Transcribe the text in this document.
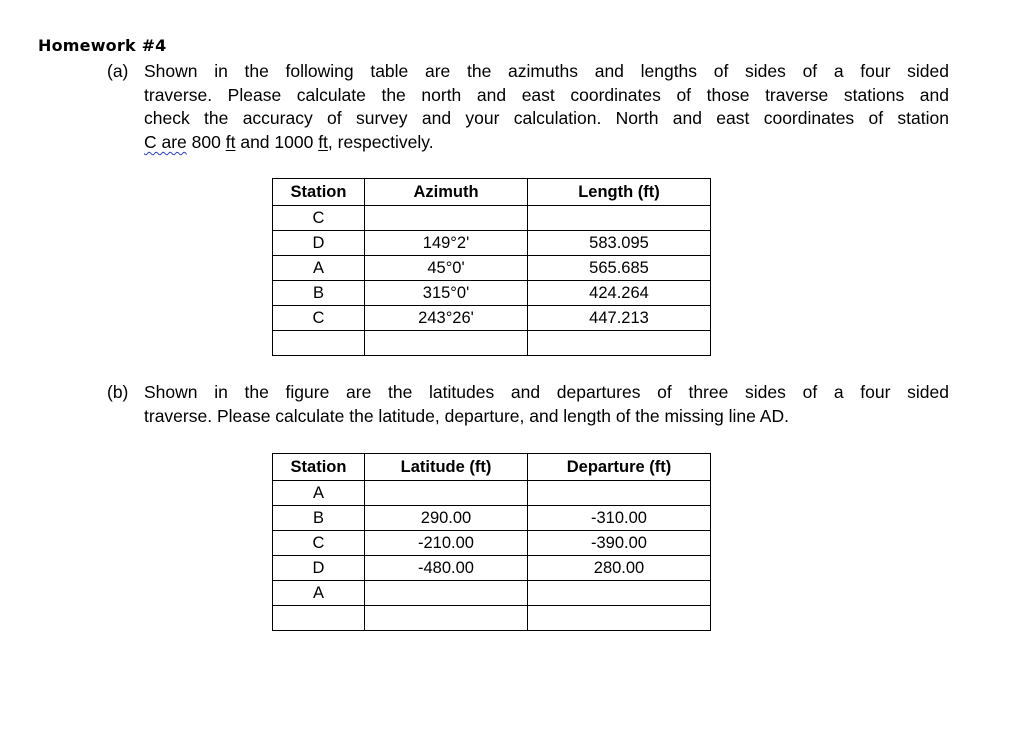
Homework #4
(a) Shown in the following table are the azimuths and lengths of sides of a four sided
traverse. Please calculate the north and east coordinates of those traverse stations and
check the accuracy of survey and your calculation. North and east coordinates of station
C are 800 ft and 1000 ft, respectively.
Station	Azimuth	Length (ft)
C		
D	149°2'	583.095
A	45°0'	565.685
B	315°0'	424.264
C	243°26'	447.213

(b) Shown in the figure are the latitudes and departures of three sides of a four sided
traverse. Please calculate the latitude, departure, and length of the missing line AD.
Station	Latitude (ft)	Departure (ft)
A		
B	290.00	-310.00
C	-210.00	-390.00
D	-480.00	280.00
A		
